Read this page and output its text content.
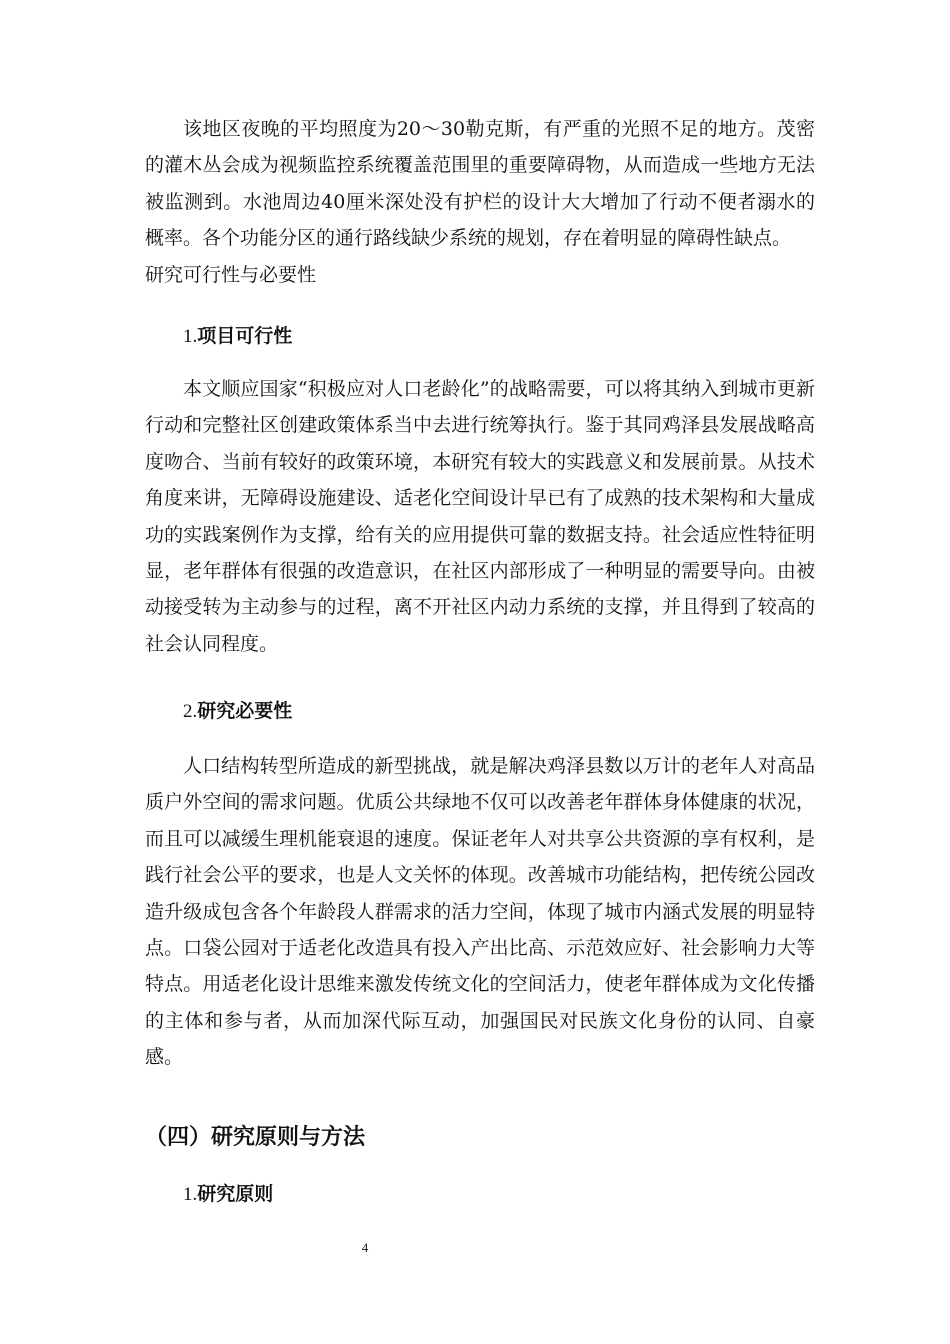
该地区夜晚的平均照度为20～30勒克斯，有严重的光照不足的地方。茂密的灌木丛会成为视频监控系统覆盖范围里的重要障碍物，从而造成一些地方无法被监测到。水池周边40厘米深处没有护栏的设计大大增加了行动不便者溺水的概率。各个功能分区的通行路线缺少系统的规划，存在着明显的障碍性缺点。
研究可行性与必要性

1.项目可行性

本文顺应国家“积极应对人口老龄化”的战略需要，可以将其纳入到城市更新行动和完整社区创建政策体系当中去进行统筹执行。鉴于其同鸡泽县发展战略高度吻合、当前有较好的政策环境，本研究有较大的实践意义和发展前景。从技术角度来讲，无障碍设施建设、适老化空间设计早已有了成熟的技术架构和大量成功的实践案例作为支撑，给有关的应用提供可靠的数据支持。社会适应性特征明显，老年群体有很强的改造意识，在社区内部形成了一种明显的需要导向。由被动接受转为主动参与的过程，离不开社区内动力系统的支撑，并且得到了较高的社会认同程度。

2.研究必要性

人口结构转型所造成的新型挑战，就是解决鸡泽县数以万计的老年人对高品质户外空间的需求问题。优质公共绿地不仅可以改善老年群体身体健康的状况，而且可以减缓生理机能衰退的速度。保证老年人对共享公共资源的享有权利，是践行社会公平的要求，也是人文关怀的体现。改善城市功能结构，把传统公园改造升级成包含各个年龄段人群需求的活力空间，体现了城市内涵式发展的明显特点。口袋公园对于适老化改造具有投入产出比高、示范效应好、社会影响力大等特点。用适老化设计思维来激发传统文化的空间活力，使老年群体成为文化传播的主体和参与者，从而加深代际互动，加强国民对民族文化身份的认同、自豪感。

（四）研究原则与方法
1.研究原则
4
